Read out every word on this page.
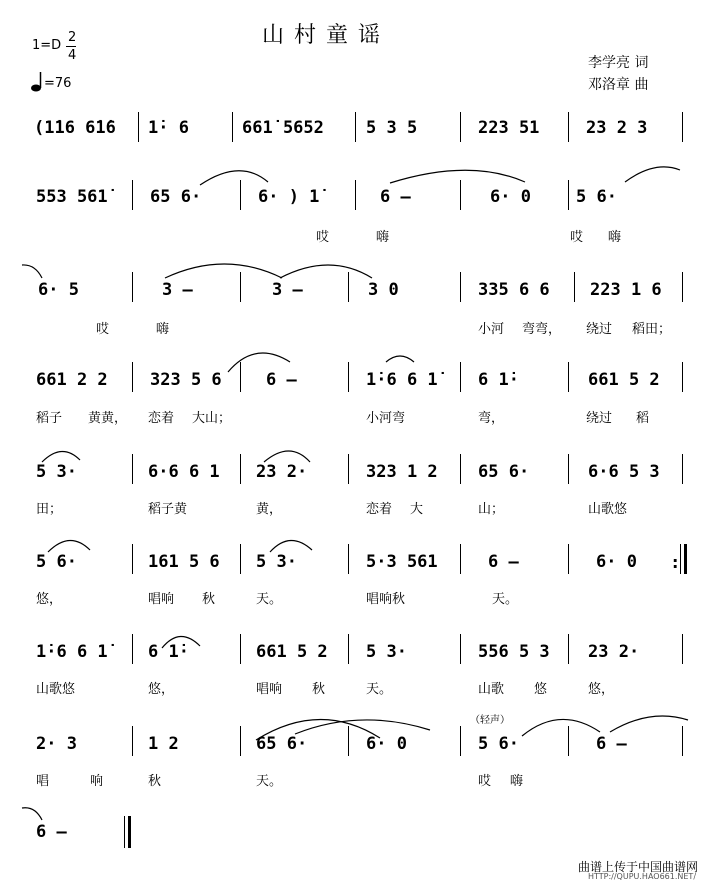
山村童谣
1=D
2
4
=76
李学亮 词
邓洛章 曲
(1̇16 6̇1̇6 1̇· 6	661̇ 5652 5 3 5	223 51	23 2 3
553 561̇ 65 6·	6· ) 1̇	6 –	6· 0	5 6·
哎	嗨	哎 嗨
6· 5	3 –	3 –	3 0	335 6 6 223 1 6
哎	嗨	小河 弯弯， 绕过 稻田；
661 2 2 323 5 6	6 –	1̇·6 6 1̇ 6 1̇·	661 5 2
稻子 黄黄， 恋着 大山；	小河弯	弯，	绕过 稻
5 3·	6·6 6 1 23 2·	323 1 2 65 6·	6·6 5 3
田；	稻子黄	黄，	恋着 大	山；	山歌悠
5 6·	161 5 6 5 3·	5·3 561	6 –	6· 0 :
悠，	唱响 秋	天。	唱响秋	天。
1̇·6 6 1̇ 6 1̇·	661 5 2 5 3·	556 5 3 23 2·
山歌悠	悠，	唱响 秋	天。	山歌 悠	悠，
（轻声）
2· 3	1 2	65 6·	6· 0	5 6·	6 –
唱	响	秋	天。	哎 嗨
6 –
曲谱上传于中国曲谱网
HTTP://QUPU.HAO661.NET/
